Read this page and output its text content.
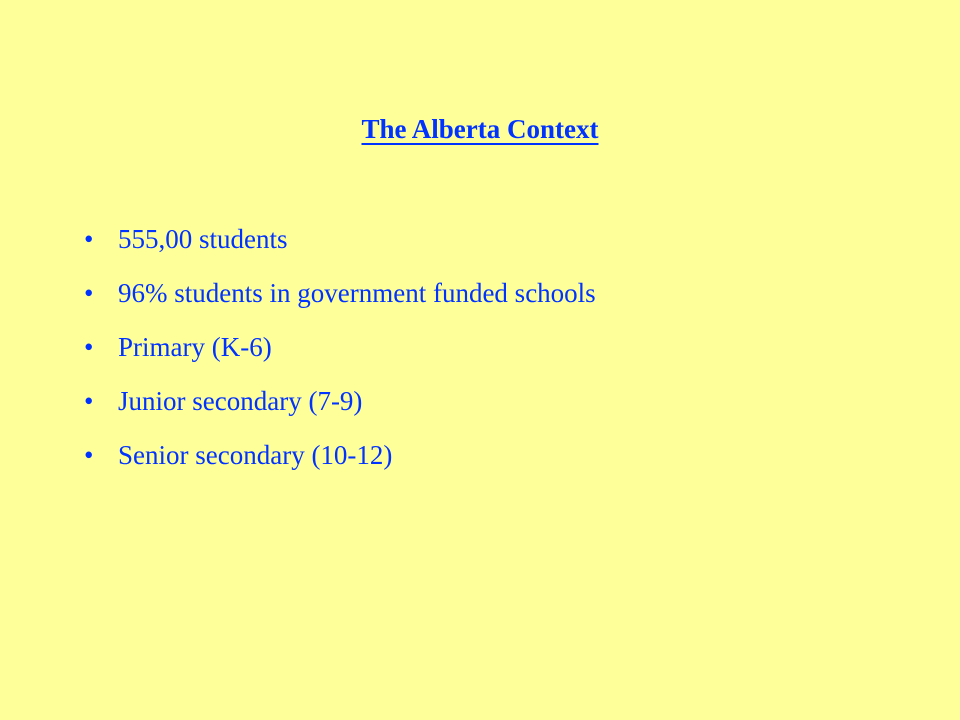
The Alberta Context
• 555,00 students
• 96% students in government funded schools
• Primary (K-6)
• Junior secondary (7-9)
• Senior secondary (10-12)
